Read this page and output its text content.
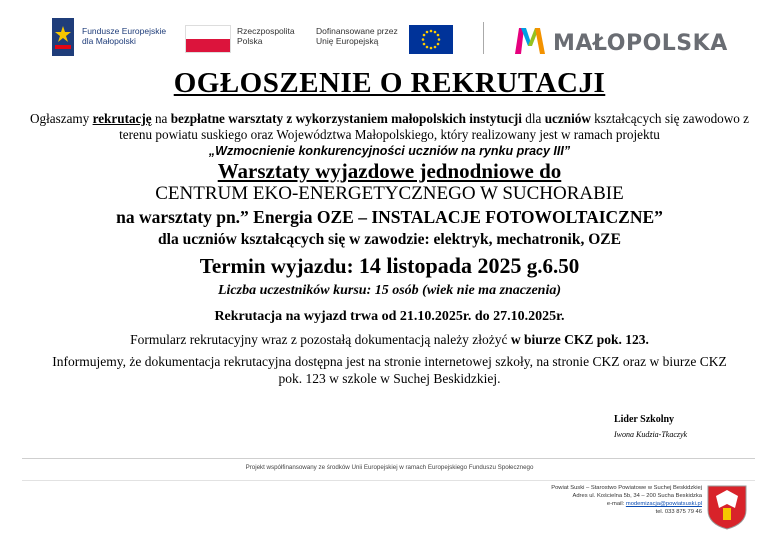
Fundusze Europejskie
dla Małopolski
Rzeczpospolita
Polska
Dofinansowane przez
Unię Europejską	MAŁOPOLSKA
OGŁOSZENIE O REKRUTACJI

Ogłaszamy rekrutację na bezpłatne warsztaty z wykorzystaniem małopolskich instytucji dla uczniów kształcących się zawodowo z terenu powiatu suskiego oraz Województwa Małopolskiego, który realizowany jest w ramach projektu

„Wzmocnienie konkurencyjności uczniów na rynku pracy III”

Warsztaty wyjazdowe jednodniowe do

CENTRUM EKO-ENERGETYCZNEGO W SUCHORABIE

na warsztaty pn.” Energia OZE – INSTALACJE FOTOWOLTAICZNE”

dla uczniów kształcących się w zawodzie: elektryk, mechatronik, OZE

Termin wyjazdu: 14 listopada 2025 g.6.50

Liczba uczestników kursu: 15 osób (wiek nie ma znaczenia)

Rekrutacja na wyjazd trwa od 21.10.2025r. do 27.10.2025r.

Formularz rekrutacyjny wraz z pozostałą dokumentacją należy złożyć w biurze CKZ pok. 123.

Informujemy, że dokumentacja rekrutacyjna dostępna jest na stronie internetowej szkoły, na stronie CKZ oraz w biurze CKZ pok. 123 w szkole w Suchej Beskidzkiej.

Lider Szkolny
Iwona Kudzia-Tkaczyk
Projekt współfinansowany ze środków Unii Europejskiej w ramach Europejskiego Funduszu Społecznego
Powiat Suski – Starostwo Powiatowe w Suchej Beskidzkiej
Adres ul. Kościelna 5b, 34 – 200 Sucha Beskidzka
e-mail: modemizacja@powiatsuski.pl
tel. 033 875 79 46
